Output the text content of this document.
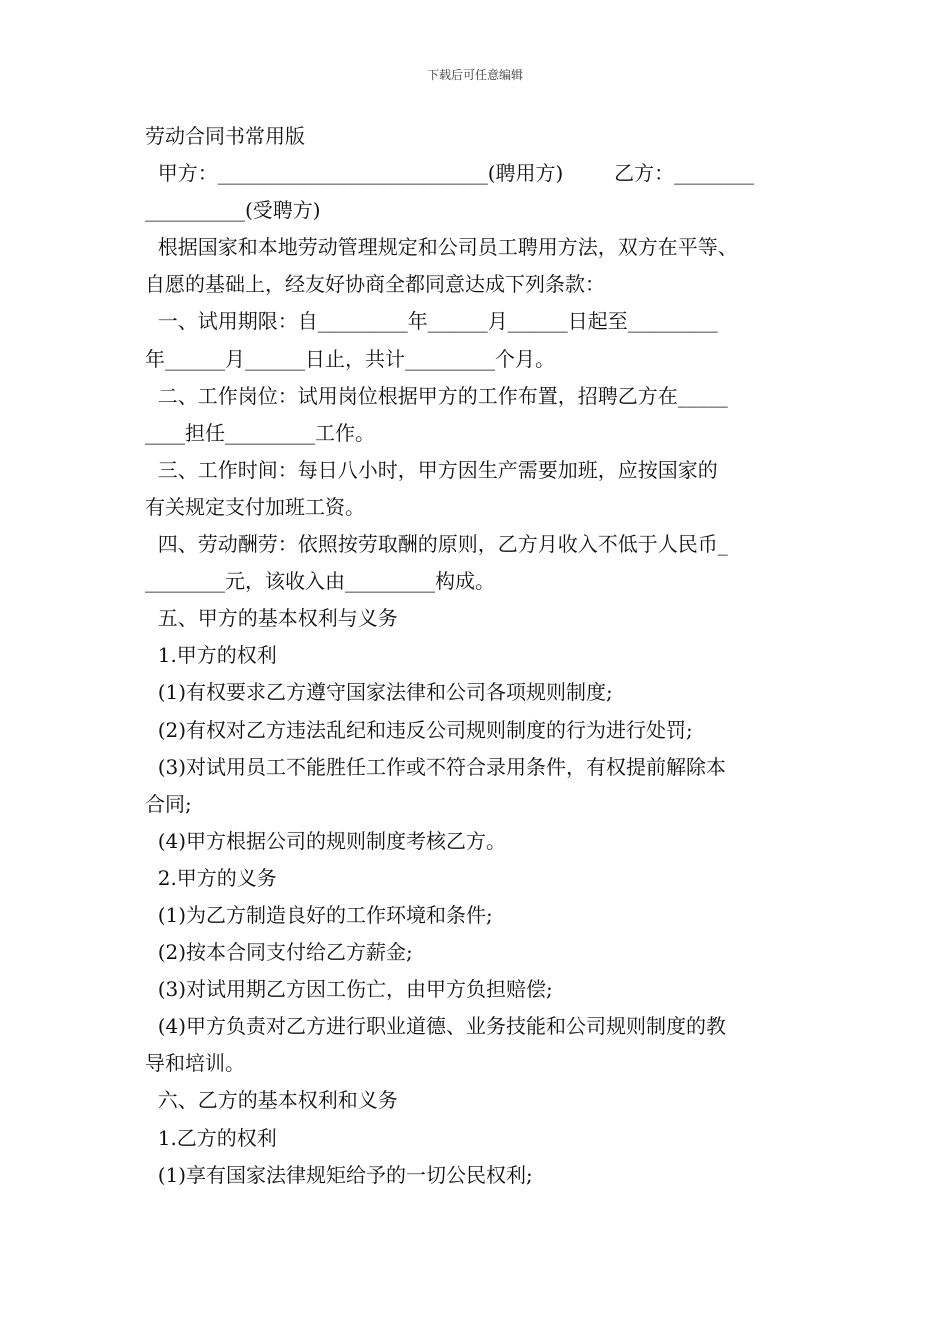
下载后可任意编辑
劳动合同书常用版
甲方：___________________________(聘用方)        乙方：________
__________(受聘方)
根据国家和本地劳动管理规定和公司员工聘用方法，双方在平等、
自愿的基础上，经友好协商全都同意达成下列条款：
一、试用期限：自_________年______月______日起至_________
年______月______日止，共计_________个月。
二、工作岗位：试用岗位根据甲方的工作布置，招聘乙方在_____
____担任_________工作。
三、工作时间：每日八小时，甲方因生产需要加班，应按国家的
有关规定支付加班工资。
四、劳动酬劳：依照按劳取酬的原则，乙方月收入不低于人民币_
________元，该收入由_________构成。
五、甲方的基本权利与义务
1.甲方的权利
(1)有权要求乙方遵守国家法律和公司各项规则制度;
(2)有权对乙方违法乱纪和违反公司规则制度的行为进行处罚;
(3)对试用员工不能胜任工作或不符合录用条件，有权提前解除本
合同;
(4)甲方根据公司的规则制度考核乙方。
2.甲方的义务
(1)为乙方制造良好的工作环境和条件;
(2)按本合同支付给乙方薪金;
(3)对试用期乙方因工伤亡，由甲方负担赔偿;
(4)甲方负责对乙方进行职业道德、业务技能和公司规则制度的教
导和培训。
六、乙方的基本权利和义务
1.乙方的权利
(1)享有国家法律规矩给予的一切公民权利;
